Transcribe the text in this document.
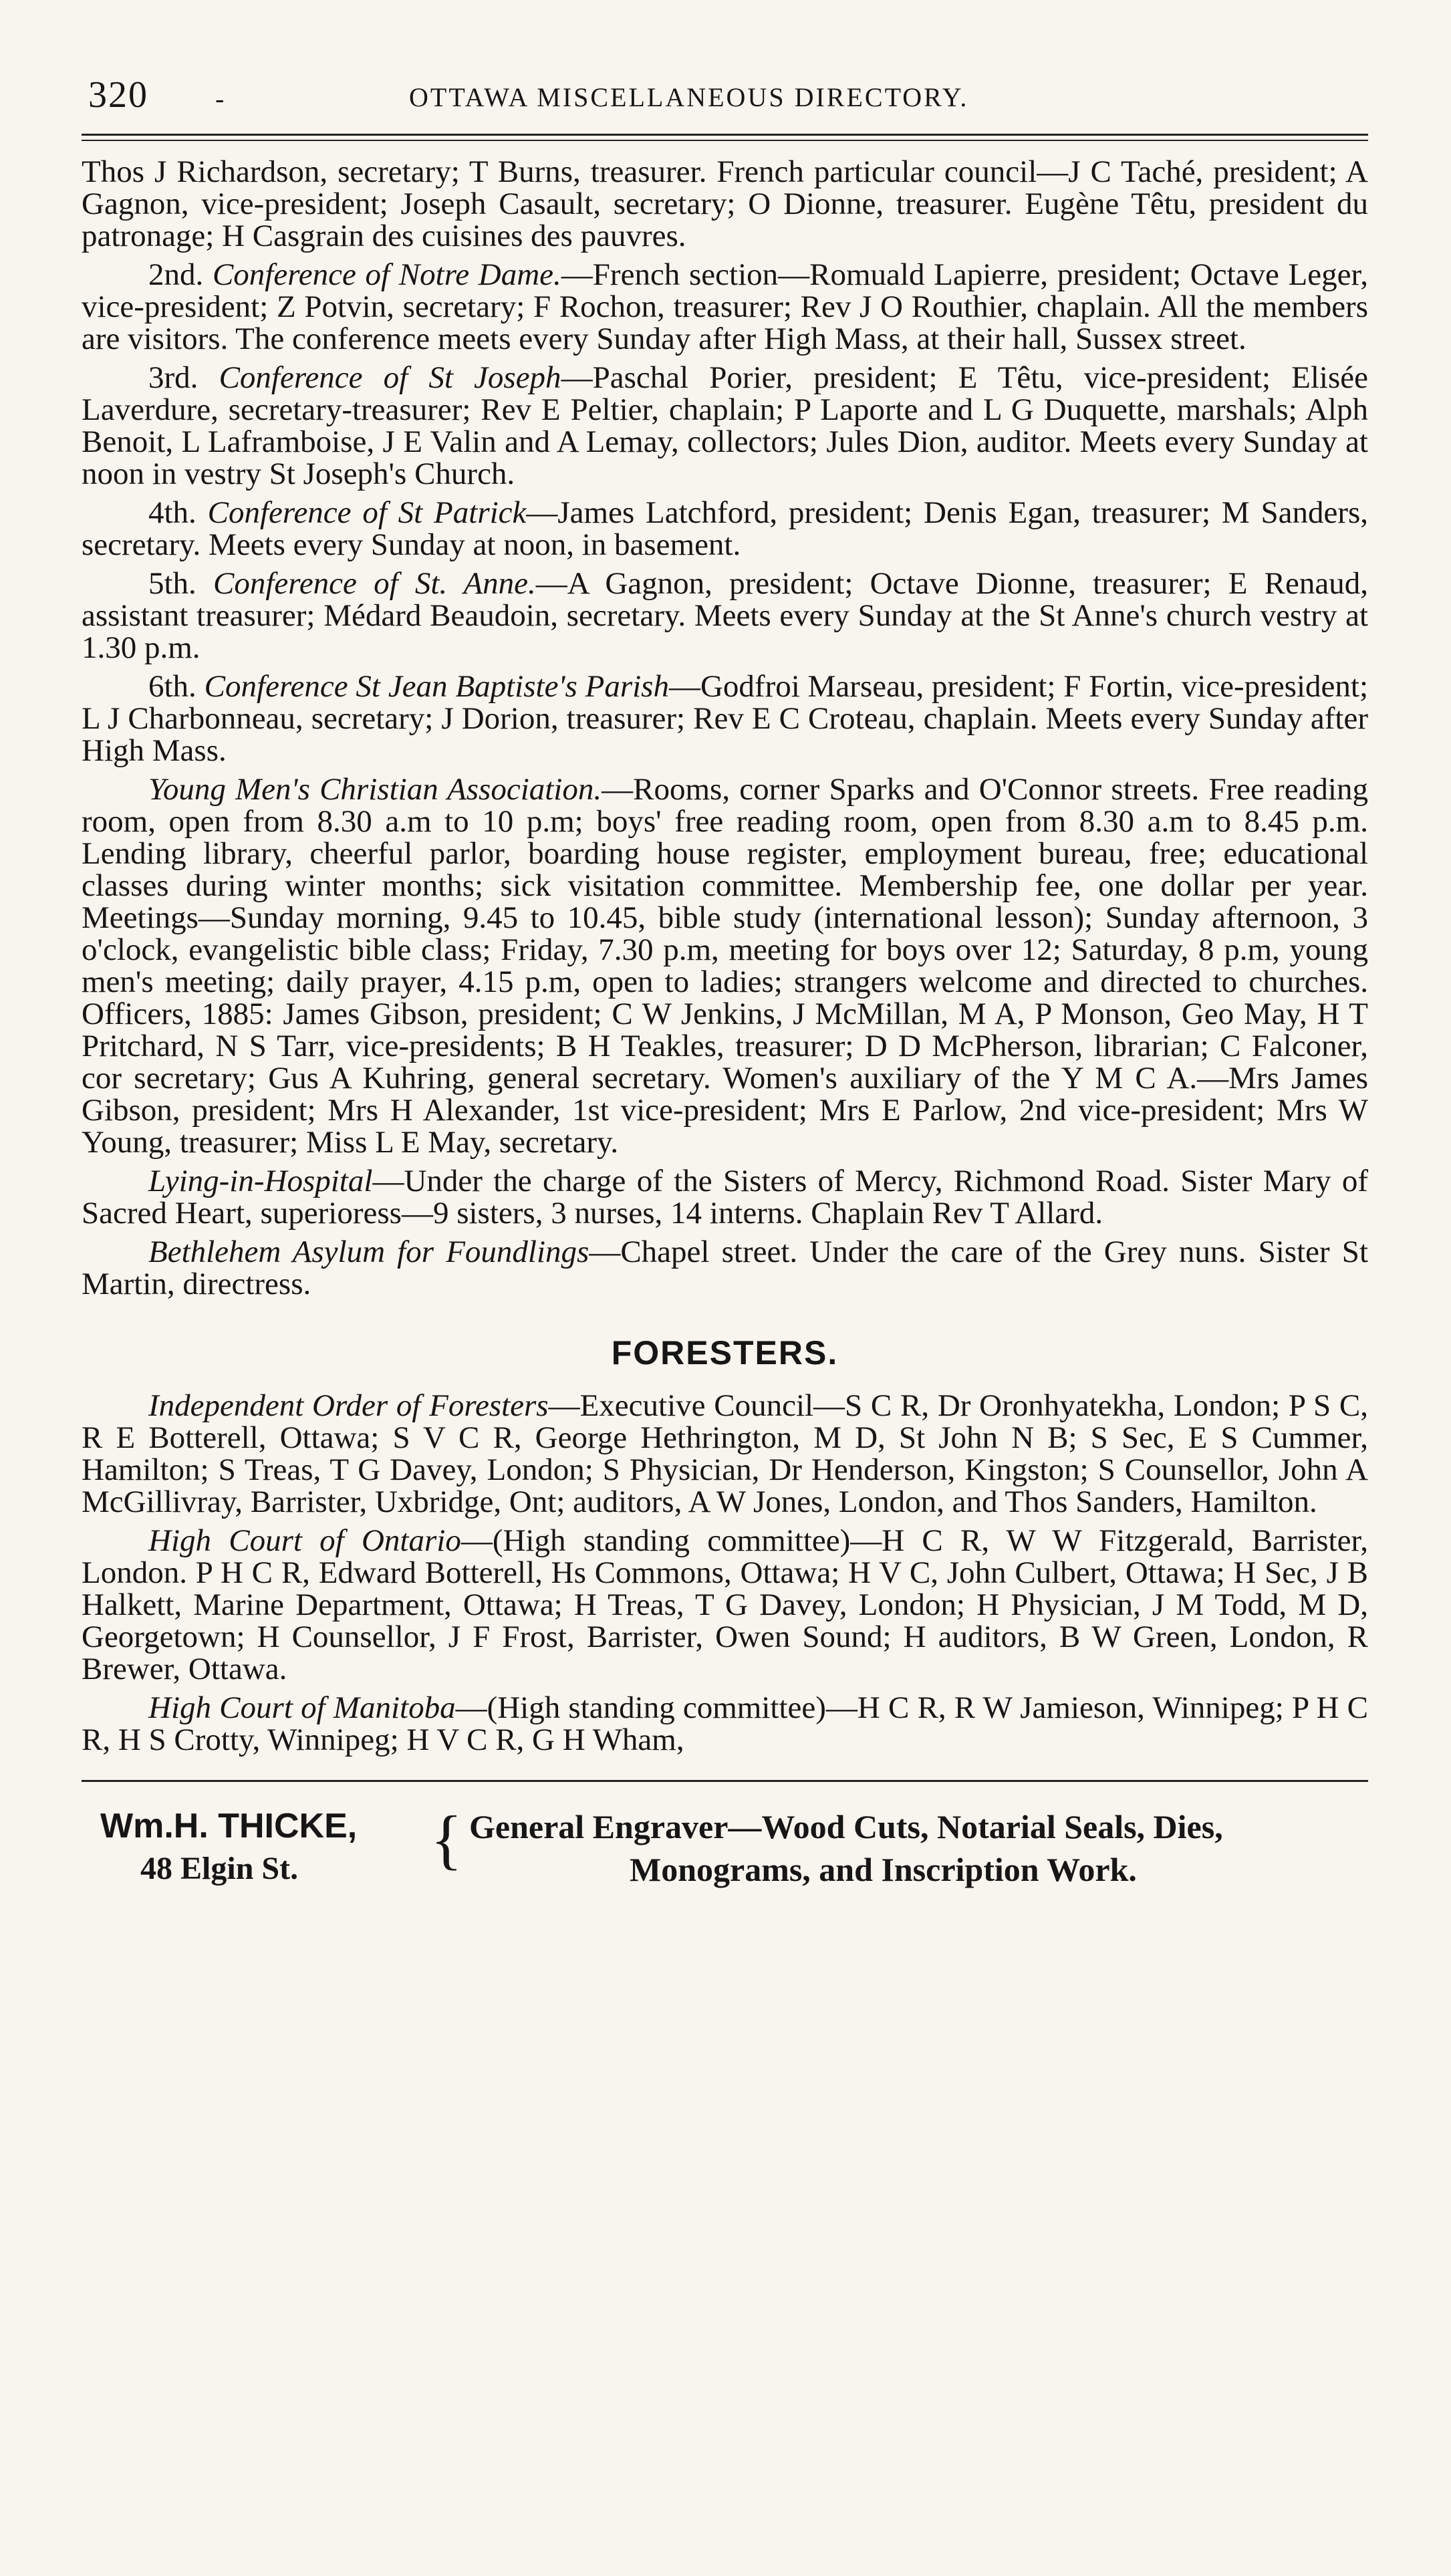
320	-	OTTAWA MISCELLANEOUS DIRECTORY.

Thos J Richardson, secretary; T Burns, treasurer. French particular council—J C Taché, president; A Gagnon, vice-president; Joseph Casault, secretary; O Dionne, treasurer. Eugène Têtu, president du patronage; H Casgrain des cuisines des pauvres.

2nd. Conference of Notre Dame.—French section—Romuald Lapierre, president; Octave Leger, vice-president; Z Potvin, secretary; F Rochon, treasurer; Rev J O Routhier, chaplain. All the members are visitors. The conference meets every Sunday after High Mass, at their hall, Sussex street.

3rd. Conference of St Joseph—Paschal Porier, president; E Têtu, vice-president; Elisée Laverdure, secretary-treasurer; Rev E Peltier, chaplain; P Laporte and L G Duquette, marshals; Alph Benoit, L Laframboise, J E Valin and A Lemay, collectors; Jules Dion, auditor. Meets every Sunday at noon in vestry St Joseph's Church.

4th. Conference of St Patrick—James Latchford, president; Denis Egan, treasurer; M Sanders, secretary. Meets every Sunday at noon, in basement.

5th. Conference of St. Anne.—A Gagnon, president; Octave Dionne, treasurer; E Renaud, assistant treasurer; Médard Beaudoin, secretary. Meets every Sunday at the St Anne's church vestry at 1.30 p.m.

6th. Conference St Jean Baptiste's Parish—Godfroi Marseau, president; F Fortin, vice-president; L J Charbonneau, secretary; J Dorion, treasurer; Rev E C Croteau, chaplain. Meets every Sunday after High Mass.

Young Men's Christian Association.—Rooms, corner Sparks and O'Connor streets. Free reading room, open from 8.30 a.m to 10 p.m; boys' free reading room, open from 8.30 a.m to 8.45 p.m. Lending library, cheerful parlor, boarding house register, employment bureau, free; educational classes during winter months; sick visitation committee. Membership fee, one dollar per year. Meetings—Sunday morning, 9.45 to 10.45, bible study (international lesson); Sunday afternoon, 3 o'clock, evangelistic bible class; Friday, 7.30 p.m, meeting for boys over 12; Saturday, 8 p.m, young men's meeting; daily prayer, 4.15 p.m, open to ladies; strangers welcome and directed to churches. Officers, 1885: James Gibson, president; C W Jenkins, J McMillan, M A, P Monson, Geo May, H T Pritchard, N S Tarr, vice-presidents; B H Teakles, treasurer; D D McPherson, librarian; C Falconer, cor secretary; Gus A Kuhring, general secretary. Women's auxiliary of the Y M C A.—Mrs James Gibson, president; Mrs H Alexander, 1st vice-president; Mrs E Parlow, 2nd vice-president; Mrs W Young, treasurer; Miss L E May, secretary.

Lying-in-Hospital—Under the charge of the Sisters of Mercy, Richmond Road. Sister Mary of Sacred Heart, superioress—9 sisters, 3 nurses, 14 interns. Chaplain Rev T Allard.

Bethlehem Asylum for Foundlings—Chapel street. Under the care of the Grey nuns. Sister St Martin, directress.

FORESTERS.

Independent Order of Foresters—Executive Council—S C R, Dr Oronhyatekha, London; P S C, R E Botterell, Ottawa; S V C R, George Hethrington, M D, St John N B; S Sec, E S Cummer, Hamilton; S Treas, T G Davey, London; S Physician, Dr Henderson, Kingston; S Counsellor, John A McGillivray, Barrister, Uxbridge, Ont; auditors, A W Jones, London, and Thos Sanders, Hamilton.

High Court of Ontario—(High standing committee)—H C R, W W Fitzgerald, Barrister, London. P H C R, Edward Botterell, Hs Commons, Ottawa; H V C, John Culbert, Ottawa; H Sec, J B Halkett, Marine Department, Ottawa; H Treas, T G Davey, London; H Physician, J M Todd, M D, Georgetown; H Counsellor, J F Frost, Barrister, Owen Sound; H auditors, B W Green, London, R Brewer, Ottawa.

High Court of Manitoba—(High standing committee)—H C R, R W Jamieson, Winnipeg; P H C R, H S Crotty, Winnipeg; H V C R, G H Wham,

Wm.H. THICKE,
48 Elgin St. { General Engraver—Wood Cuts, Notarial Seals, Dies,
Monograms, and Inscription Work.
